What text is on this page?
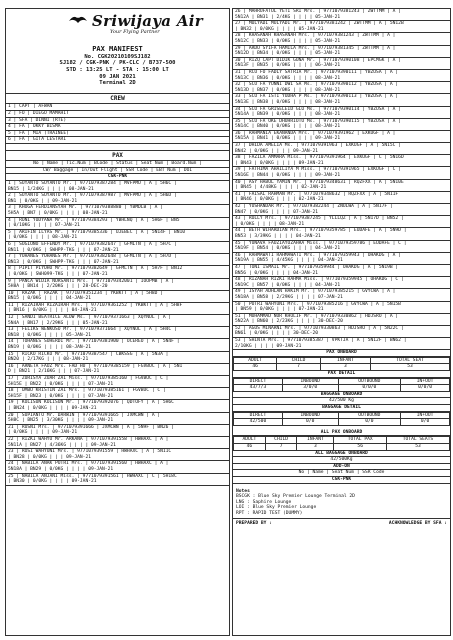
Sriwijaya Air
Your Flying Partner
PAX MANIFEST
No. CGK20210109SJ182
SJ182 / CGK-PNK / PK-CLC / B737-500
STD : 13:25 LT - STA : 15:00 LT
09 JAN 2021
Terminal 2D
CREW
1 | CAPT | AFWAN
2 | FO | DIEGO MAMAHIT
3 | SFA | DINNI (RTE)
4 | FA | OKKY BISMA
5 | FA | MIA (TRAINEE)
6 | FA | GITA LESTARI
PAX
No | Name | Tic.Num | BCode | Status | Seat Num | Board.Num |
CW/ Baggage | In/Out Flight | SSR Code | EBT Num | DOI
CGK-PNK
1 | SUYANTO SUYANTO Mr. | 9771079387284 | MVFPMU | A | 5H6C |
BN15 | 1/24KG | | | | 08-JAN-21
2 | SUYANTO SUYANTO Mr. | 9771079387987 | MVFPMU | A | 5H6D |
BN1 | 0/0KG | | 09-JAN-21
3 | KHOGA FERDIANSYAH Mr. | 9771079388880 | YBMDLB | A |
5H5A | BN7 | 0/0KG | | | | 08-JAN-21
4 | RONI YODYANA Mr. | 9771079384293 | YBHLNQ | A | 5H6F | BN5
| 0/10KG | | | | 07-JAN-21
5 | ARIFIN ILYAS Mr. | 9771079385336 | UJEBEC | A | 5N14F | BN10
| 0/0KG | | | | 08-JAN-21
6 | SUGIONO EFFENDY Mr. | 9771079382647 | GFMLTN | A | 5H7C |
BN11 | 0/0KG | SWHPP-TKG | | | 07-JAN-21
7 | YOHANES YOHANES Mr. | 9771079382648 | GFMLTN | A | 5H7D |
BN13 | 0/0KG | SWHPP-TKG | | | 07-JAN-21
8 | PIPIT PIYOHO Mr. | 9771079382649 | GFMLTN | A | 5H7F | BN12
| 0/0KG | SWH099-TKG | | | 07-JAN-21
9 | PANCA WIDIA NURSANTI Mrs. | 9771079342001 | IOOPMB | A |
5H8A | BN14 | 2/20KG | | | 28-DEC-20
10 | RAZAK | RAZAK | 9771079351234 | YKBKTT | A | 5H8D |
BN15 | 0/0KG | | | | 04-JAN-21
11 | RIZAIRAH RIZAIRAH Mrs. | 9771079361252 | YKBKTT | A | 5H8F
| BN16 | 0/0KG | | | | 04-JAN-21
12 | SANDI BEATRICE ALOW Ms. | 9771079371663 | XQYNUL | A |
5N4A | BN17 | 2/29KG | | | 05-JAN-21
13 | FELIKS WENKOSO Mr. | 9771079371664 | XQYNUL | A | 5H4C |
BN18 | 0/0KG | | | | 05-JAN-21
14 | TOHANES SUHERDI Mr. | 9771079381900 | OCEREO | A | 5N4F |
BN19 | 0/0KG | | | | 08-JAN-21
15 | RICKO RICKO Mr. | 9771079387547 | CBKSSG | A | 5N3A |
BN20 | 2/17KG | | | 08-JAN-21
16 | ARNETA FAUZ Mrs. FAD HU | 9771079385159 | FGVBUC | A | 5N1
D | BN21 | 2/16KG | | | 07-JAN-21
17 | ZURISYA ZUAR ZAI Miss. | 9771079385160 | FGVBUC | C |
5H15E | BN22 | 0/0KG | | | | 07-JAN-21
18 | UMBU KRISTIN ZAI Mrs. | 9771079385161 | FGVBUC | C |
5H15F | BN23 | 0/0KG | | | | 07-JAN-21
19 | KOLISUN KOLISUN Mr. | 9771079392076 | QDTOFY | A | 5H6C
| BN24 | 0/0KG | | | | 09-JAN-21
20 | SUPIANTO Mr. DARWIN | 9771079391665 | JXMCWN | A |
5H8C | BN25 | 3/30KG | | | | 09-JAN-21
21 | RUSNI Mrs. | 9771079391666 | JXMCWN | A | 5N9F | BN26 |
| 0/0KG | | | | 09-JAN-21
22 | RIZKI WAHYU Mr. ARKANA | 9771079391558 | HWHAXC | A |
5N11A | BN27 | 4/36KG | | | | 09-JAN-21
23 | ROSI WAHYUNI Mrs. | 9771079391559 | HWHAXC | A | 5N11C
| BN28 | 0/0KG | | | 09-JAN-21
24 | NABILA ANAK PUTRI Mrs. | 9771079391560 | HWHAXC | A |
5N18A | BN29 | 0/0KG | | | | 09-JAN-21
25 | NABILA ANJANI Miss. | 9771079391561 | HWHAXC | C | 5H18C
| BN30 | 0/0KG | | | | 09-JAN-21
26 | MAHRUFATUL YETI SRI Mrs. | 9771079381243 | ZWTTMM | A |
5N12A | BN31 | 2/4KG | | | | 05-JAN-21
27 | MULYADI MULYADI Mr. | 9771079381242 | ZWTTMM | A | 5N12B
| BN32 | 0/0KG | | | | 05-JAN-21
28 | KHASANAH KHASANAH Mrs. | 9771079381243 | ZWTTMM | A |
5N12C | BN33 | 0/0KG | | | | 05-JAN-21
29 | ARDO SYIFA HAMILA Mrs. | 9771079381345 | ZWTTMM | A |
5N12D | BN34 | 0/0KG | | | | 05-JAN-21
30 | RIZQ CAPT DIDIK GUNA Mr. | 9771079390108 | EPCMGK | A |
5N13F | BN35 | 0/0KG | | | | 06-JAN-21
31 | RCU FO FADLY SATRIA Mr. | 9771079390111 | YBZUSA | A |
5N13C | BN36 | 0/0KG | | | | 08-JAN-21
32 | SCU FA YUNNI DWI SA Ms. | 9771079390112 | YBZUSA | A |
5N13D | BN37 | 0/0KG | | | | 08-JAN-21
33 | SCU FA ISTI YUDHA P Ms. | 9771079390113 | YBZUSA | A |
5N13E | BN38 | 0/0KG | | | | 08-JAN-21
34 | SCU FA GRISELEID GLO Ms. | 9771079390114 | YBZUSA | A |
5N14A | BN39 | 0/0KG | | | | 08-JAN-21
35 | SCU FA OKE DHUHRIOTU Ms. | 9771079390115 | YBZUSA | A |
5N14C | BN40 | 0/0KG | | | | 08-JAN-21
36 | RAHMANIA EKANANDA Mrs. | 9771079391962 | EXKUGF | A |
5N15A | BN41 | 0/0KG | | | | 09-JAN-21
37 | DHIDA AMELIA Ms. | 9771079391963 | EXKUGF | A | 5N15C |
BN42 | 0/0KG | | | | 09-JAN-21
38 | FAZILA AMMARA Miss. | 9771079391964 | EXKUGF | C | 5N16D
| BN43 | 0/0KG | | | | 09-JAN-21
39 | FATHIMA AHAILIYA M Miss. | 9771079391965 | EXKUGF | C |
5N16E | BN44 | 0/0KG | | | | 09-JAN-21
40 | ASY HABUL YAMIN Mr. | 9771079348631 | RQZFXX | A | 5N10E
| BN45 | 4/48KG | | | | 02-JAN-21
41 | FAISAL RAHMAN Mr. | 9771079348632 | RQZFXX | A | 5N11F
| BN46 | 0/0KG | | | | 02-JAN-21
42 | YUSHANDAR Mr. | 9771079382244 | ZNULWA | A | 5N17F |
BN47 | 0/0KG | | | | 07-JAN-21
43 | ROLLY Mrs. | 9771079387245 | YLLLQZ | A | 5N17D | BN52 |
| 0/0KG | | | | 08-JAN-21
44 | BETH WIHARDIAN Mrs. | 9771079359785 | EUDAFE | A | 5N9D |
BN53 | 3/39KG | | | | 04-JAN-21
45 | YUNAVA FAUZIAYUZAHRA Miss. | 9771079359786 | EUDAFE | C |
5N19F | BN54 | 0/0KG | | | | 04-JAN-21
46 | RAHMAWATI RAHMAWATI Mrs. | 9771079359943 | OHAKDG | A |
5N19A | BN55 | 4/45KG | | | | 04-JAN-21
47 | TONI ISMAIL Mr. | 9771079359944 | OHAKDG | A | 5N19B |
BN56 | 0/0KG | | | | 04-JAN-21
48 | RIZANAH RIZKI RAHMA Miss. | 9771079359945 | OHAKDG | C |
5N19C | BN57 | 0/0KG | | | | 04-JAN-21
49 | ISYAH ADHLAN HAKIM Mr. | 9771079385215 | GVYCWA | A |
5N18A | BN58 | 2/29KG | | | | 07-JAN-21
50 | PUTRI WAHYUNI Mrs. | 9771079385216 | GVYCWA | A | 5N15B
| BN59 | 0/0KG | | | | 07-JAN-21
51 | MUHAMMAD NUR KHOLIF Mr. | 9771079330862 | HDJSRO | A |
5N22A | BN60 | 2/23KG | | | | 30-DEC-20
52 | AGUS MINARNI Mrs. | 9771079330863 | HDJSRO | A | 5N22C |
BN61 | 0/0KG | | | | 30-DEC-20
53 | SHINTA Mrs. | 9771079385387 | VPKTJA | A | 5N12F | BN62 |
2/10KG | | | | 09-JAN-21
PAX ONBOARD
ADULT	CHILD	INFANT	TOTAL SEAT
46	7	3	53
PAX DETAIL
DIRECT	INBOUND	OUTBOUND	IN+OUT
43/7/3	3/0/0	0/0/0	0/0/0
BAGGAGE ONBOARD
42/500 Kg
BAGGAGE DETAIL
DIRECT	INBOUND	OUTBOUND	IN+OUT
42/500	0/0	0/0	0/0
ALL PAX ONBOARD
ADULT	CHILD	INFANT	TOTAL PAX	TOTAL SEATS
46	7	3	56	53
ALL BAGGAGE ONBOARD
42/500Kg
ADD-ON
No | Name | Seat Num | SSR Code
CGK-PNK
Notes
BSCGK : Blue Sky Premier Lounge Terminal 2D
LNG : Saphire Lounge
LOI : Blue Sky Premier Lounge
RPT : RAPID TEST (DUMMY)
PREPARED BY :	ACHKNOWLEDGE BY SFA :
